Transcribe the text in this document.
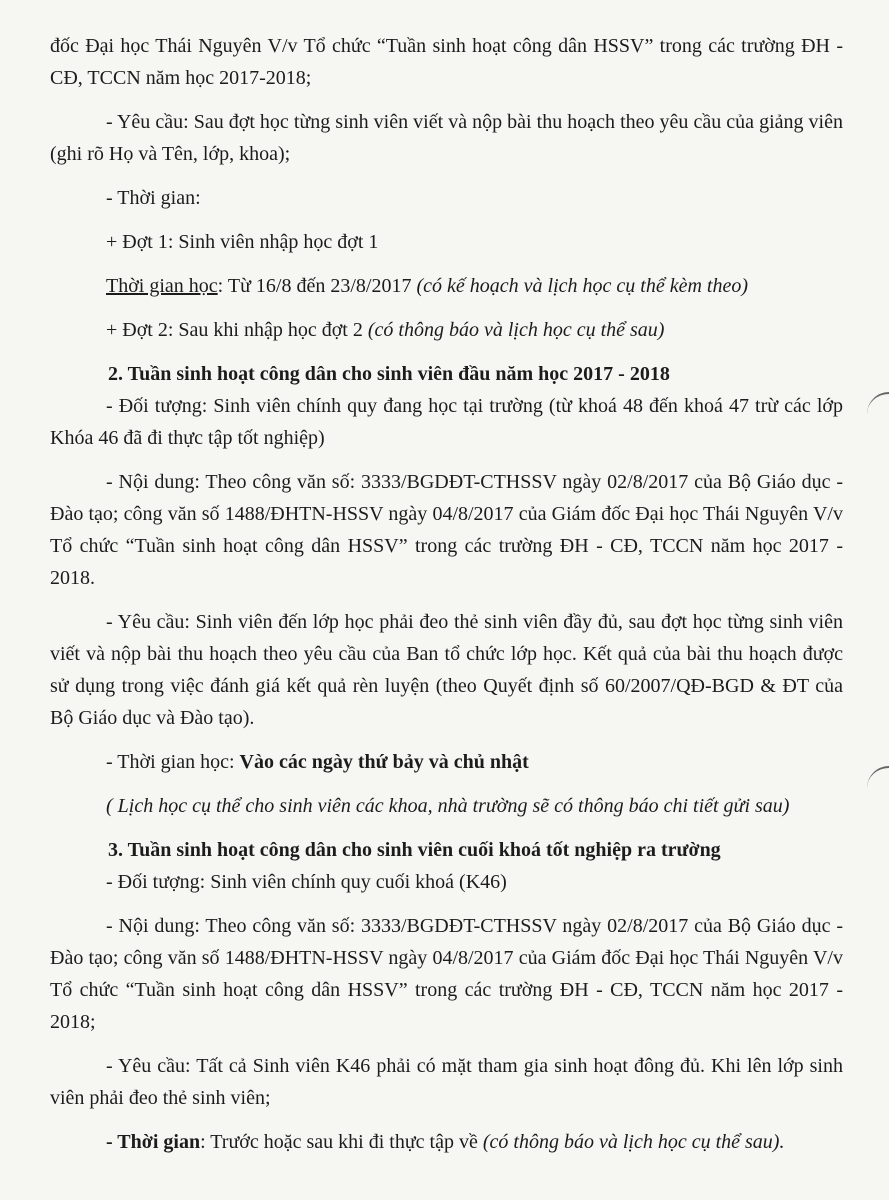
đốc Đại học Thái Nguyên V/v Tổ chức “Tuần sinh hoạt công dân HSSV” trong các trường ĐH - CĐ, TCCN năm học 2017-2018;

- Yêu cầu: Sau đợt học từng sinh viên viết và nộp bài thu hoạch theo yêu cầu của giảng viên (ghi rõ Họ và Tên, lớp, khoa);

- Thời gian:

+ Đợt 1: Sinh viên nhập học đợt 1

Thời gian học: Từ 16/8 đến 23/8/2017 (có kế hoạch và lịch học cụ thể kèm theo)

+ Đợt 2: Sau khi nhập học đợt 2 (có thông báo và lịch học cụ thể sau)

2. Tuần sinh hoạt công dân cho sinh viên đầu năm học 2017 - 2018

- Đối tượng: Sinh viên chính quy đang học tại trường (từ khoá 48 đến khoá 47 trừ các lớp Khóa 46 đã đi thực tập tốt nghiệp)

- Nội dung: Theo công văn số: 3333/BGDĐT-CTHSSV ngày 02/8/2017 của Bộ Giáo dục - Đào tạo; công văn số 1488/ĐHTN-HSSV ngày 04/8/2017 của Giám đốc Đại học Thái Nguyên V/v Tổ chức “Tuần sinh hoạt công dân HSSV” trong các trường ĐH - CĐ, TCCN năm học 2017 - 2018.

- Yêu cầu: Sinh viên đến lớp học phải đeo thẻ sinh viên đầy đủ, sau đợt học từng sinh viên viết và nộp bài thu hoạch theo yêu cầu của Ban tổ chức lớp học. Kết quả của bài thu hoạch được sử dụng trong việc đánh giá kết quả rèn luyện (theo Quyết định số 60/2007/QĐ-BGD & ĐT của Bộ Giáo dục và Đào tạo).

- Thời gian học: Vào các ngày thứ bảy và chủ nhật

( Lịch học cụ thể cho sinh viên các khoa, nhà trường sẽ có thông báo chi tiết gửi sau)

3. Tuần sinh hoạt công dân cho sinh viên cuối khoá tốt nghiệp ra trường

- Đối tượng: Sinh viên chính quy cuối khoá (K46)

- Nội dung: Theo công văn số: 3333/BGDĐT-CTHSSV ngày 02/8/2017 của Bộ Giáo dục - Đào tạo; công văn số 1488/ĐHTN-HSSV ngày 04/8/2017 của Giám đốc Đại học Thái Nguyên V/v Tổ chức “Tuần sinh hoạt công dân HSSV” trong các trường ĐH - CĐ, TCCN năm học 2017 - 2018;

- Yêu cầu: Tất cả Sinh viên K46 phải có mặt tham gia sinh hoạt đông đủ. Khi lên lớp sinh viên phải đeo thẻ sinh viên;

- Thời gian: Trước hoặc sau khi đi thực tập về (có thông báo và lịch học cụ thể sau).
